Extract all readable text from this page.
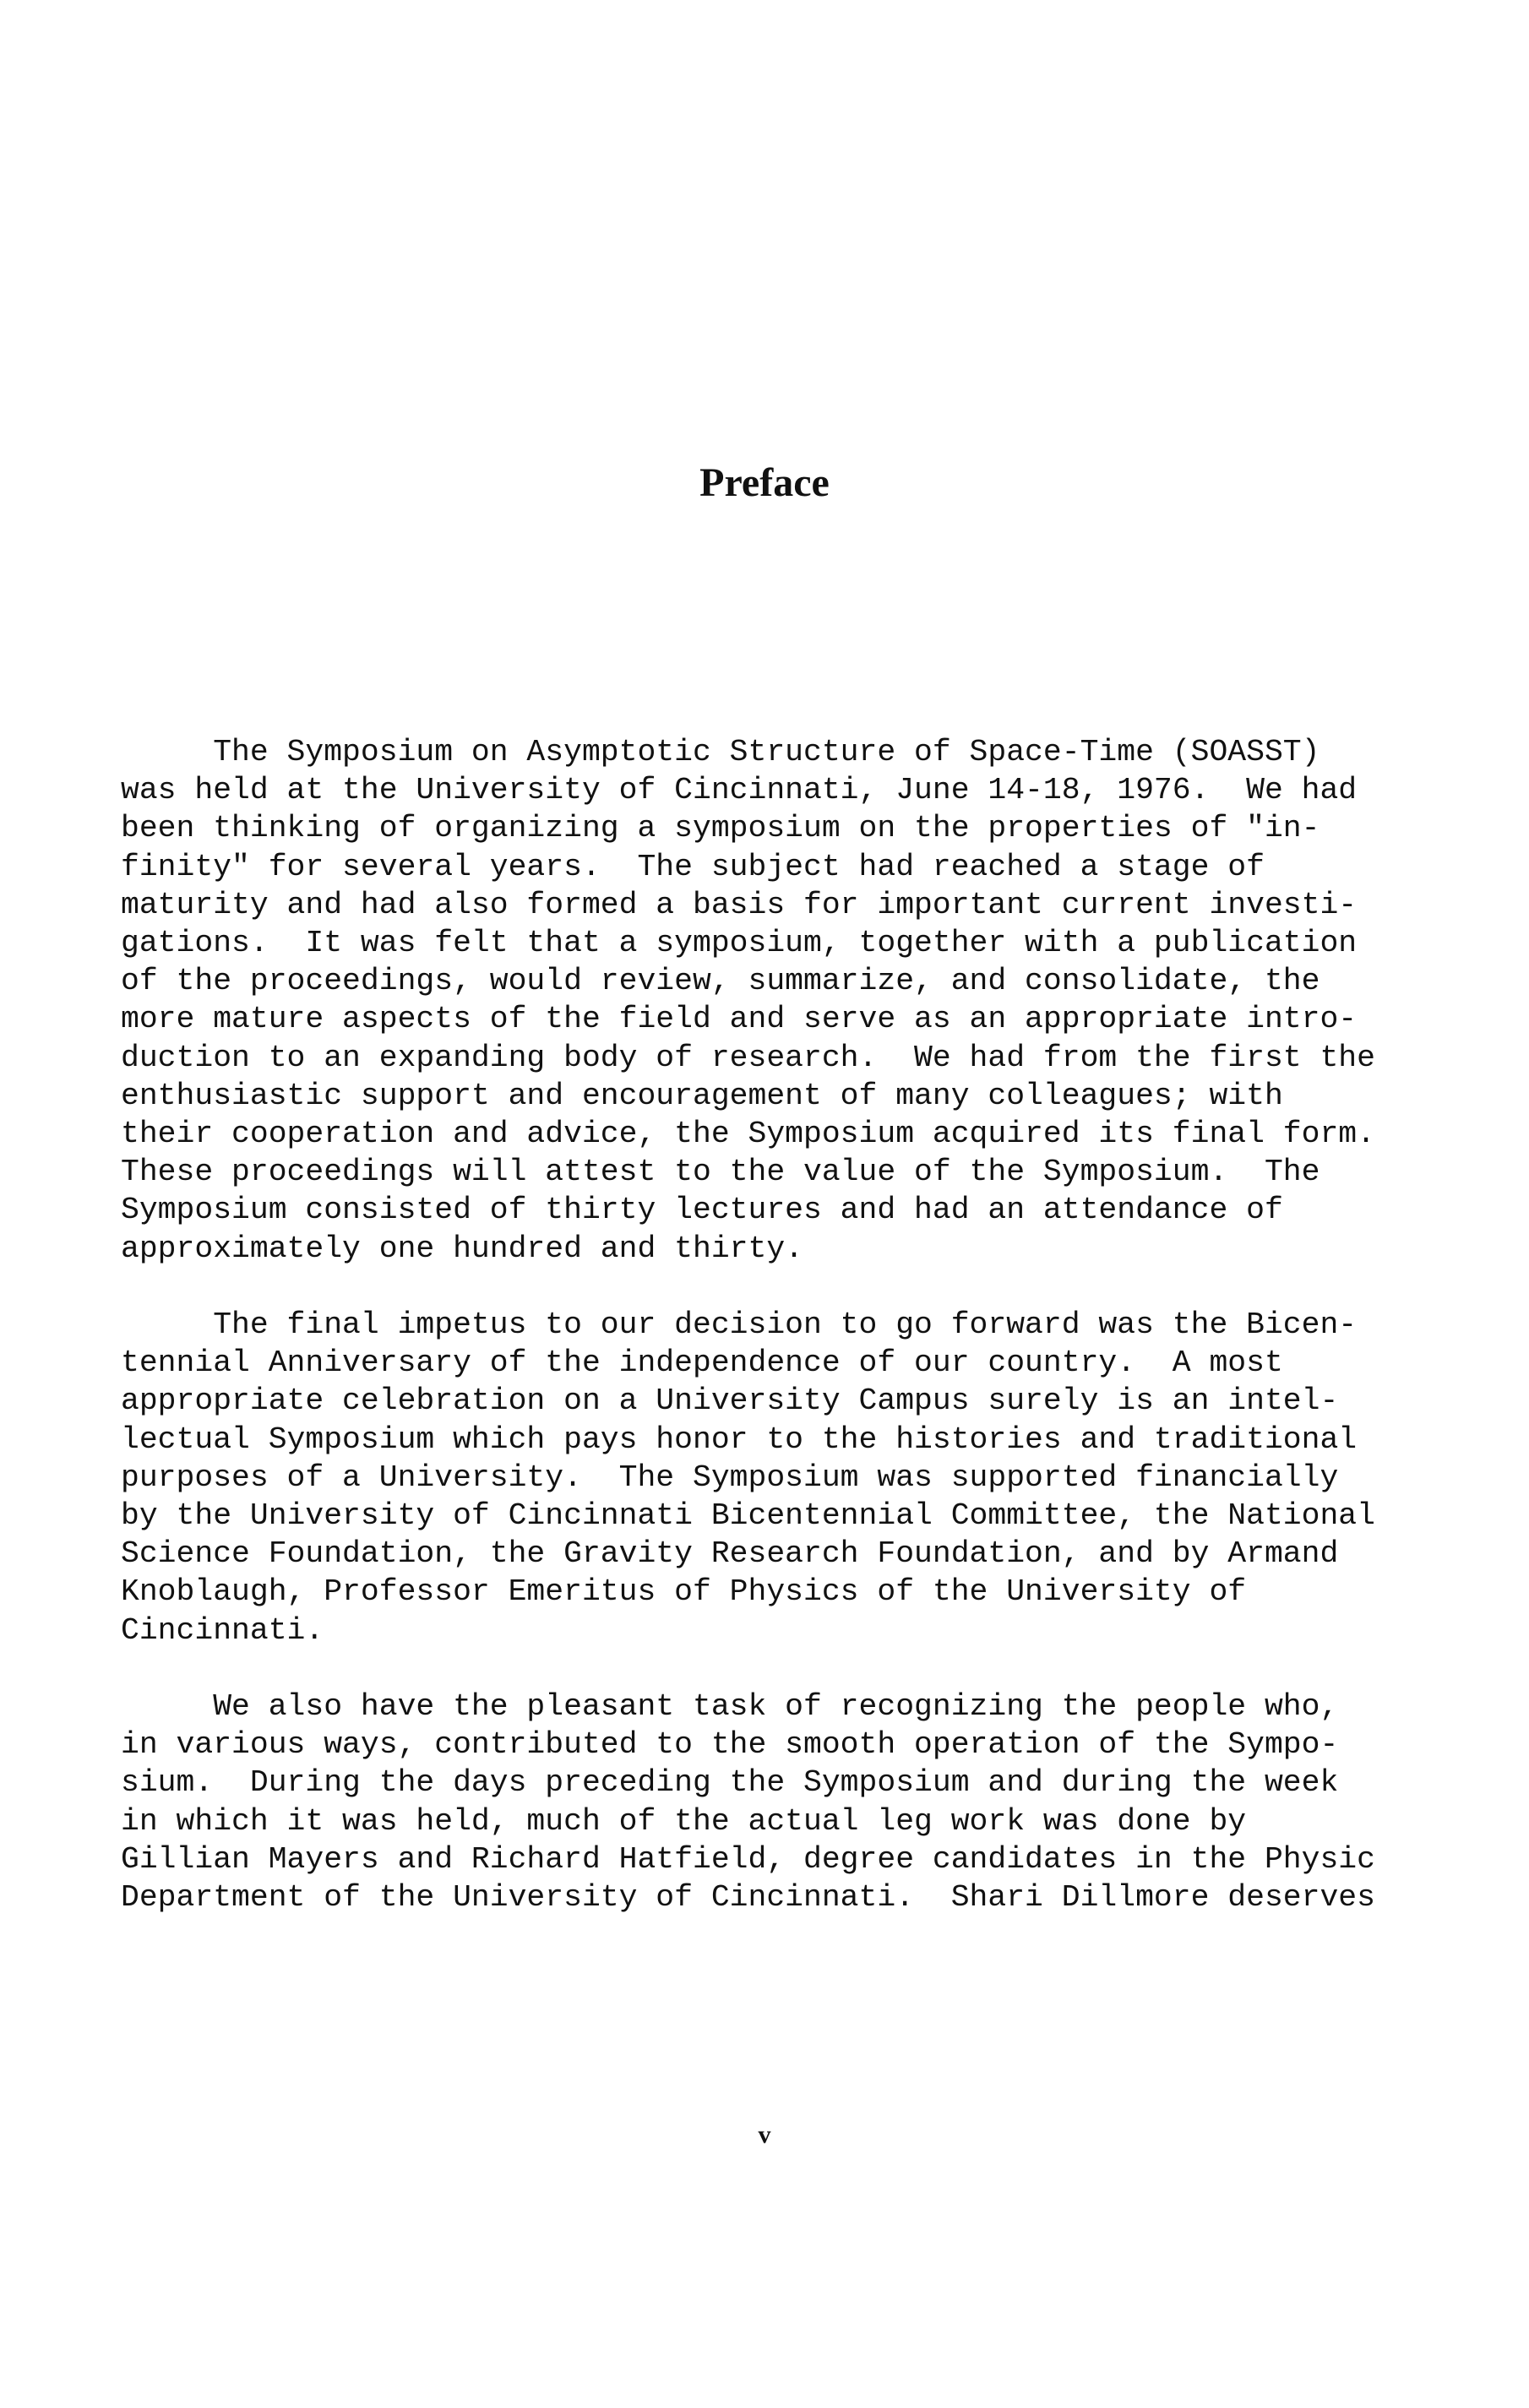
Preface

The Symposium on Asymptotic Structure of Space-Time (SOASST)
was held at the University of Cincinnati, June 14-18, 1976.  We had
been thinking of organizing a symposium on the properties of "in-
finity" for several years.  The subject had reached a stage of
maturity and had also formed a basis for important current investi-
gations.  It was felt that a symposium, together with a publication
of the proceedings, would review, summarize, and consolidate, the
more mature aspects of the field and serve as an appropriate intro-
duction to an expanding body of research.  We had from the first the
enthusiastic support and encouragement of many colleagues; with
their cooperation and advice, the Symposium acquired its final form.
These proceedings will attest to the value of the Symposium.  The
Symposium consisted of thirty lectures and had an attendance of
approximately one hundred and thirty.

The final impetus to our decision to go forward was the Bicen-
tennial Anniversary of the independence of our country.  A most
appropriate celebration on a University Campus surely is an intel-
lectual Symposium which pays honor to the histories and traditional
purposes of a University.  The Symposium was supported financially
by the University of Cincinnati Bicentennial Committee, the National
Science Foundation, the Gravity Research Foundation, and by Armand
Knoblaugh, Professor Emeritus of Physics of the University of
Cincinnati.

We also have the pleasant task of recognizing the people who,
in various ways, contributed to the smooth operation of the Sympo-
sium.  During the days preceding the Symposium and during the week
in which it was held, much of the actual leg work was done by
Gillian Mayers and Richard Hatfield, degree candidates in the Physic
Department of the University of Cincinnati.  Shari Dillmore deserves

v
